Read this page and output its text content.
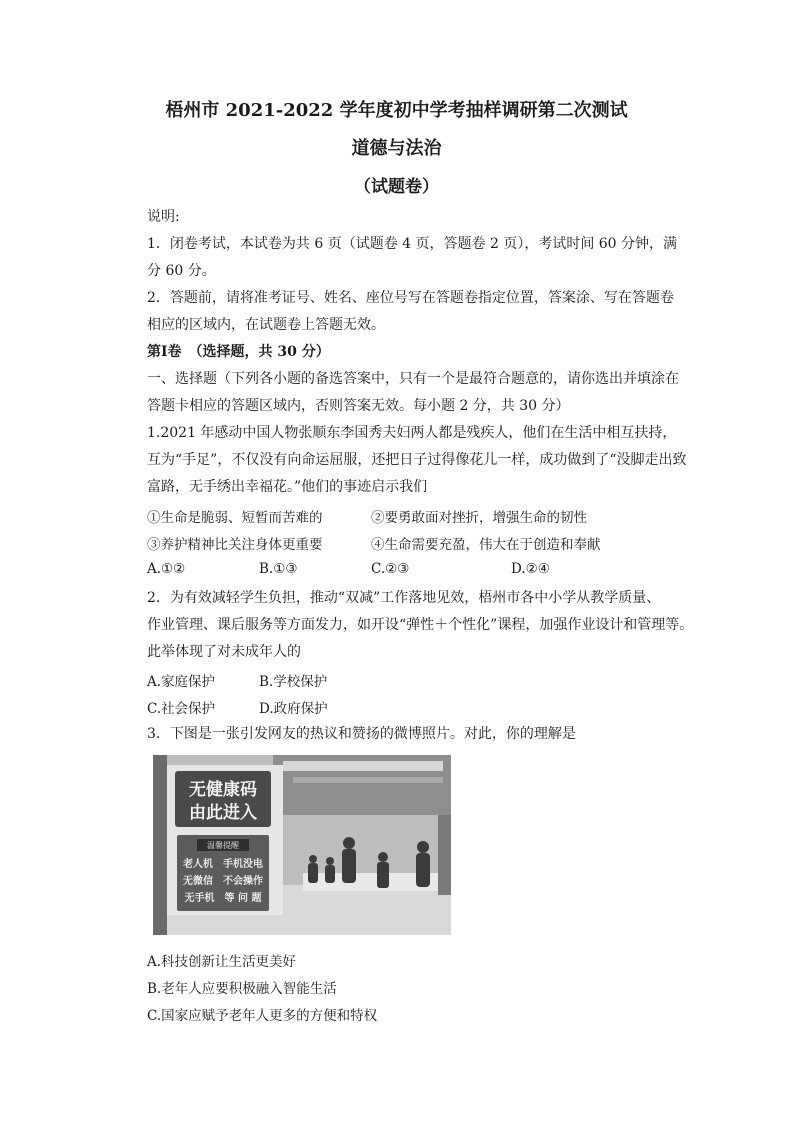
梧州市 2021-2022 学年度初中学考抽样调研第二次测试
道德与法治
（试题卷）
说明:
1．闭卷考试，本试卷为共 6 页（试题卷 4 页，答题卷 2 页），考试时间 60 分钟，满
分 60 分。
2．答题前，请将准考证号、姓名、座位号写在答题卷指定位置，答案涂、写在答题卷
相应的区域内，在试题卷上答题无效。
第Ⅰ卷　（选择题，共 30 分）
一、选择题（下列各小题的备选答案中，只有一个是最符合题意的，请你选出并填涂在
答题卡相应的答题区域内，否则答案无效。每小题 2 分，共 30 分）
1.2021 年感动中国人物张顺东李国秀夫妇两人都是残疾人，他们在生活中相互扶持，
互为“手足”，不仅没有向命运屈服，还把日子过得像花儿一样，成功做到了“没脚走出致
富路，无手绣出幸福花。”他们的事迹启示我们
①生命是脆弱、短暂而苦难的	②要勇敢面对挫折，增强生命的韧性
③养护精神比关注身体更重要	④生命需要充盈，伟大在于创造和奉献
A.①②	B.①③	C.②③	D.②④
2．为有效减轻学生负担，推动“双减”工作落地见效，梧州市各中小学从教学质量、
作业管理、课后服务等方面发力，如开设“弹性＋个性化”课程，加强作业设计和管理等。
此举体现了对未成年人的
A.家庭保护	B.学校保护
C.社会保护	D.政府保护
3．下图是一张引发网友的热议和赞扬的微博照片。对此，你的理解是
无健康码
由此进入
温馨提醒
老人机　手机没电
无微信　不会操作
无手机　等 问 题
A.科技创新让生活更美好
B.老年人应要积极融入智能生活
C.国家应赋予老年人更多的方便和特权
